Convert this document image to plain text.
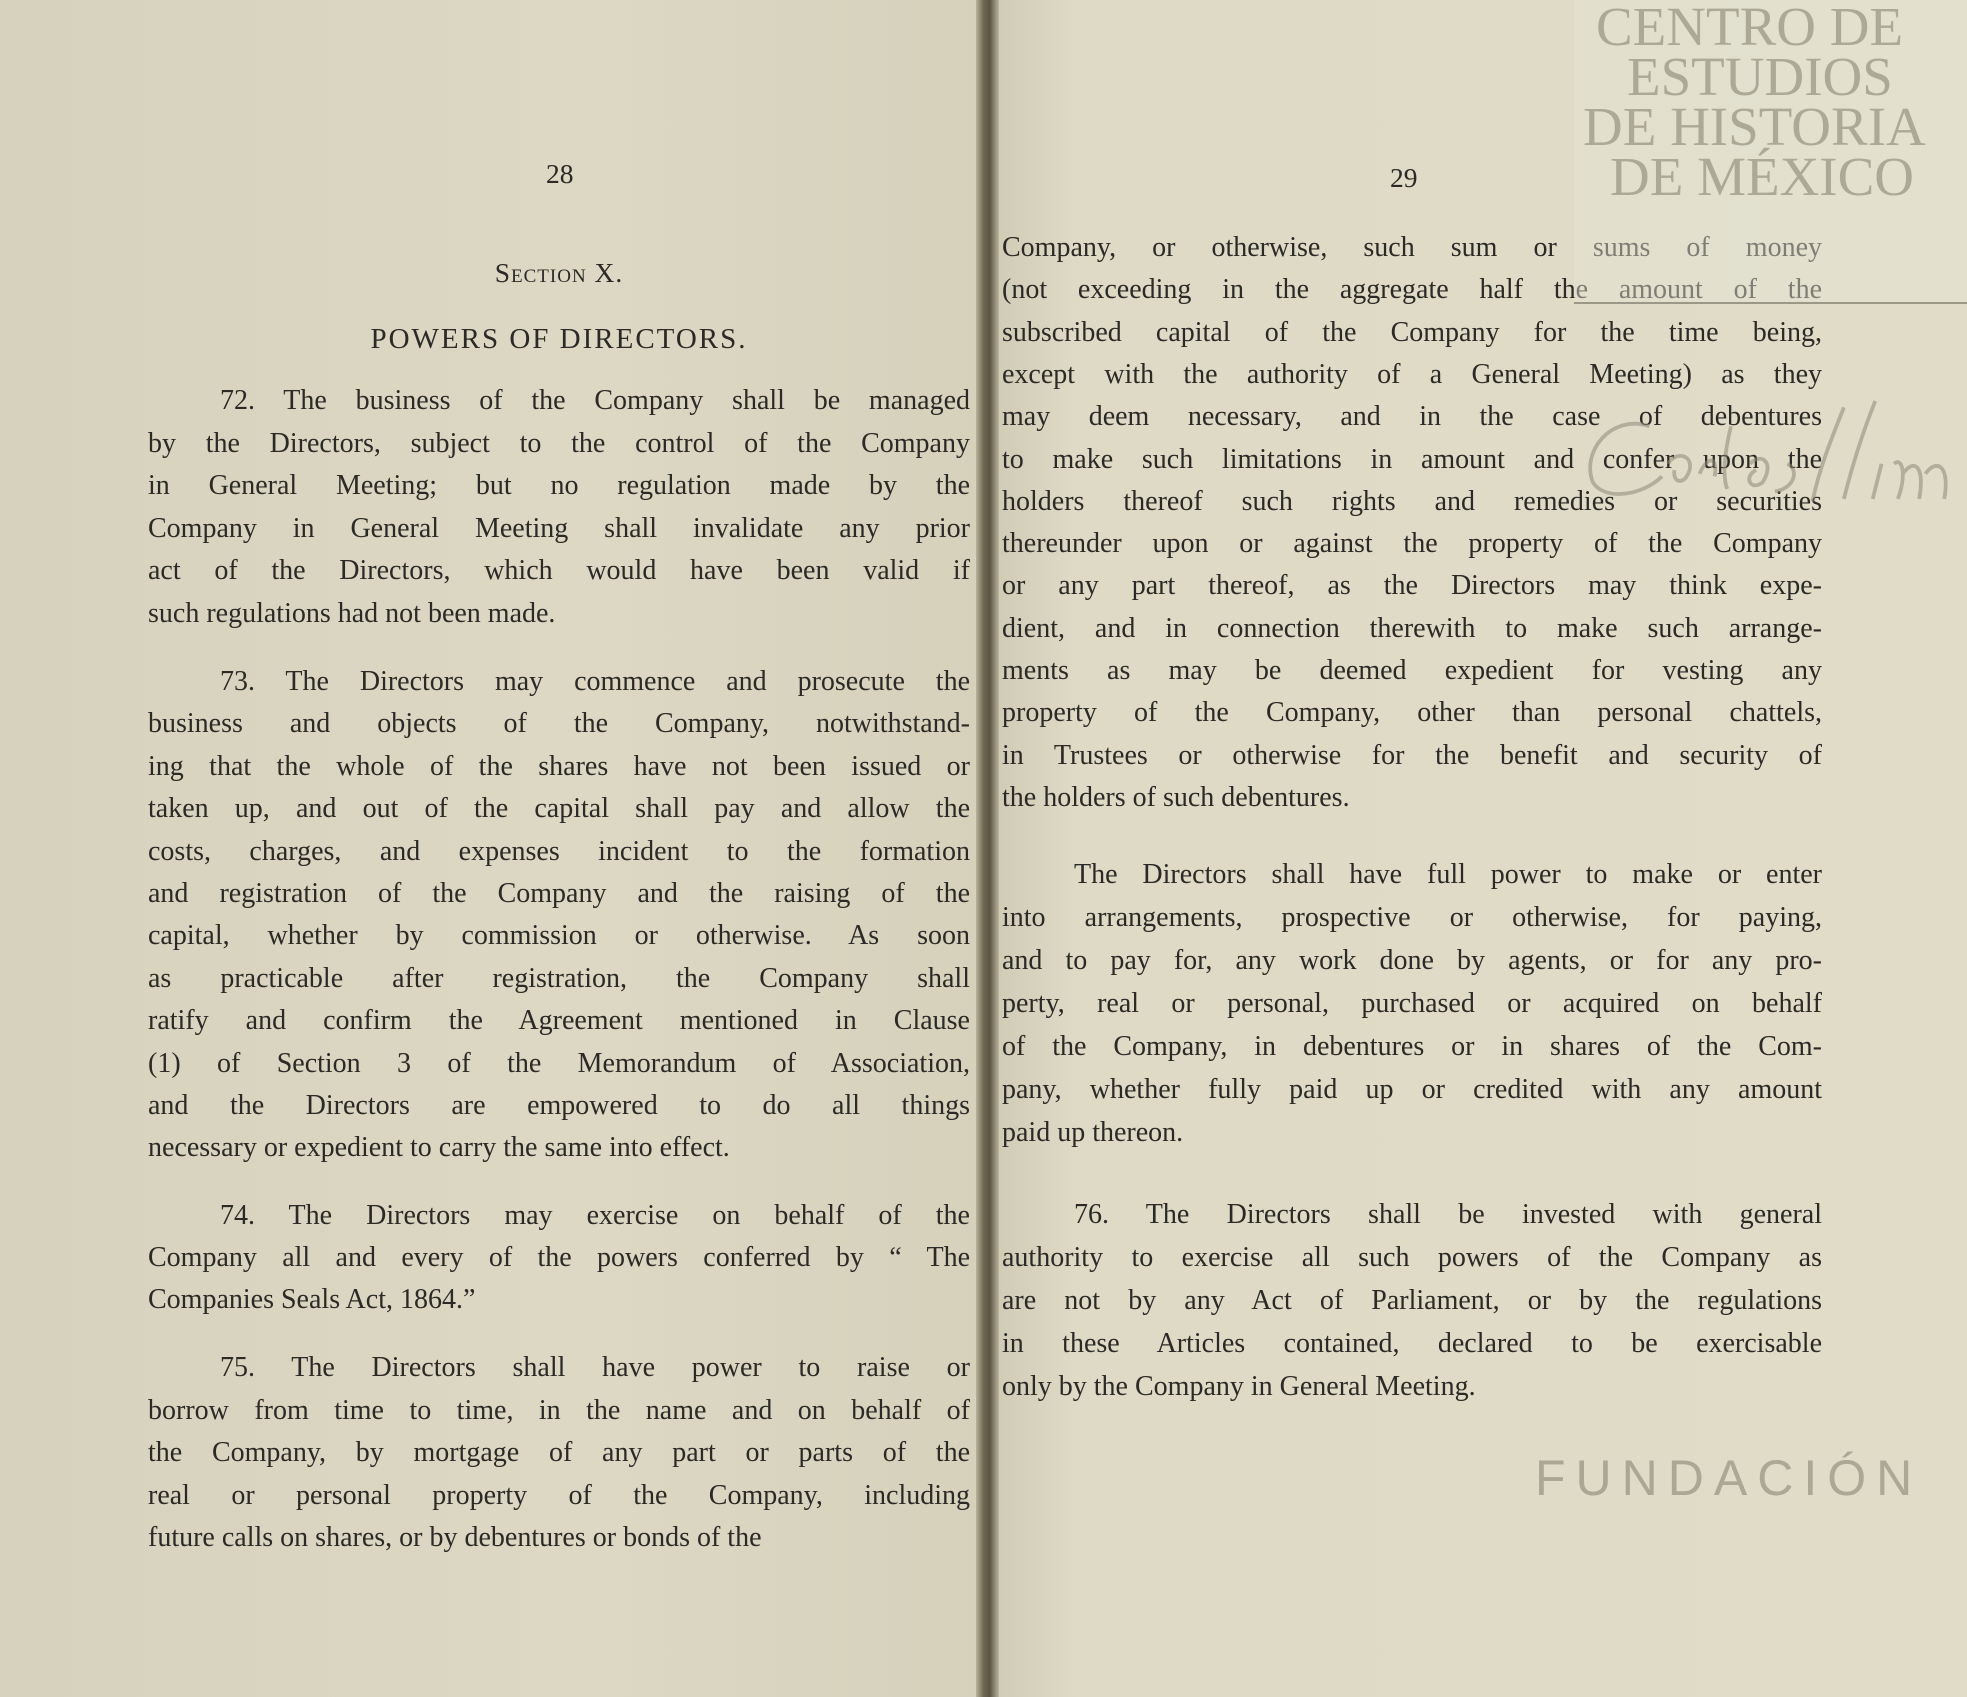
28
Section X.
POWERS OF DIRECTORS.
72. The business of the Company shall be managed
by the Directors, subject to the control of the Company
in General Meeting; but no regulation made by the
Company in General Meeting shall invalidate any prior
act of the Directors, which would have been valid if
such regulations had not been made.
73. The Directors may commence and prosecute the
business and objects of the Company, notwithstand-
ing that the whole of the shares have not been issued or
taken up, and out of the capital shall pay and allow the
costs, charges, and expenses incident to the formation
and registration of the Company and the raising of the
capital, whether by commission or otherwise. As soon
as practicable after registration, the Company shall
ratify and confirm the Agreement mentioned in Clause
(1) of Section 3 of the Memorandum of Association,
and the Directors are empowered to do all things
necessary or expedient to carry the same into effect.
74. The Directors may exercise on behalf of the
Company all and every of the powers conferred by “ The
Companies Seals Act, 1864.”
75. The Directors shall have power to raise or
borrow from time to time, in the name and on behalf of
the Company, by mortgage of any part or parts of the
real or personal property of the Company, including
future calls on shares, or by debentures or bonds of the
29
Company, or otherwise, such sum or sums of money
(not exceeding in the aggregate half the amount of the
subscribed capital of the Company for the time being,
except with the authority of a General Meeting) as they
may deem necessary, and in the case of debentures
to make such limitations in amount and confer upon the
holders thereof such rights and remedies or securities
thereunder upon or against the property of the Company
or any part thereof, as the Directors may think expe-
dient, and in connection therewith to make such arrange-
ments as may be deemed expedient for vesting any
property of the Company, other than personal chattels,
in Trustees or otherwise for the benefit and security of
the holders of such debentures.
The Directors shall have full power to make or enter
into arrangements, prospective or otherwise, for paying,
and to pay for, any work done by agents, or for any pro-
perty, real or personal, purchased or acquired on behalf
of the Company, in debentures or in shares of the Com-
pany, whether fully paid up or credited with any amount
paid up thereon.
76. The Directors shall be invested with general
authority to exercise all such powers of the Company as
are not by any Act of Parliament, or by the regulations
in these Articles contained, declared to be exercisable
only by the Company in General Meeting.
CENTRO DE
ESTUDIOS
DE HISTORIA
DE MÉXICO
FUNDACIÓN
